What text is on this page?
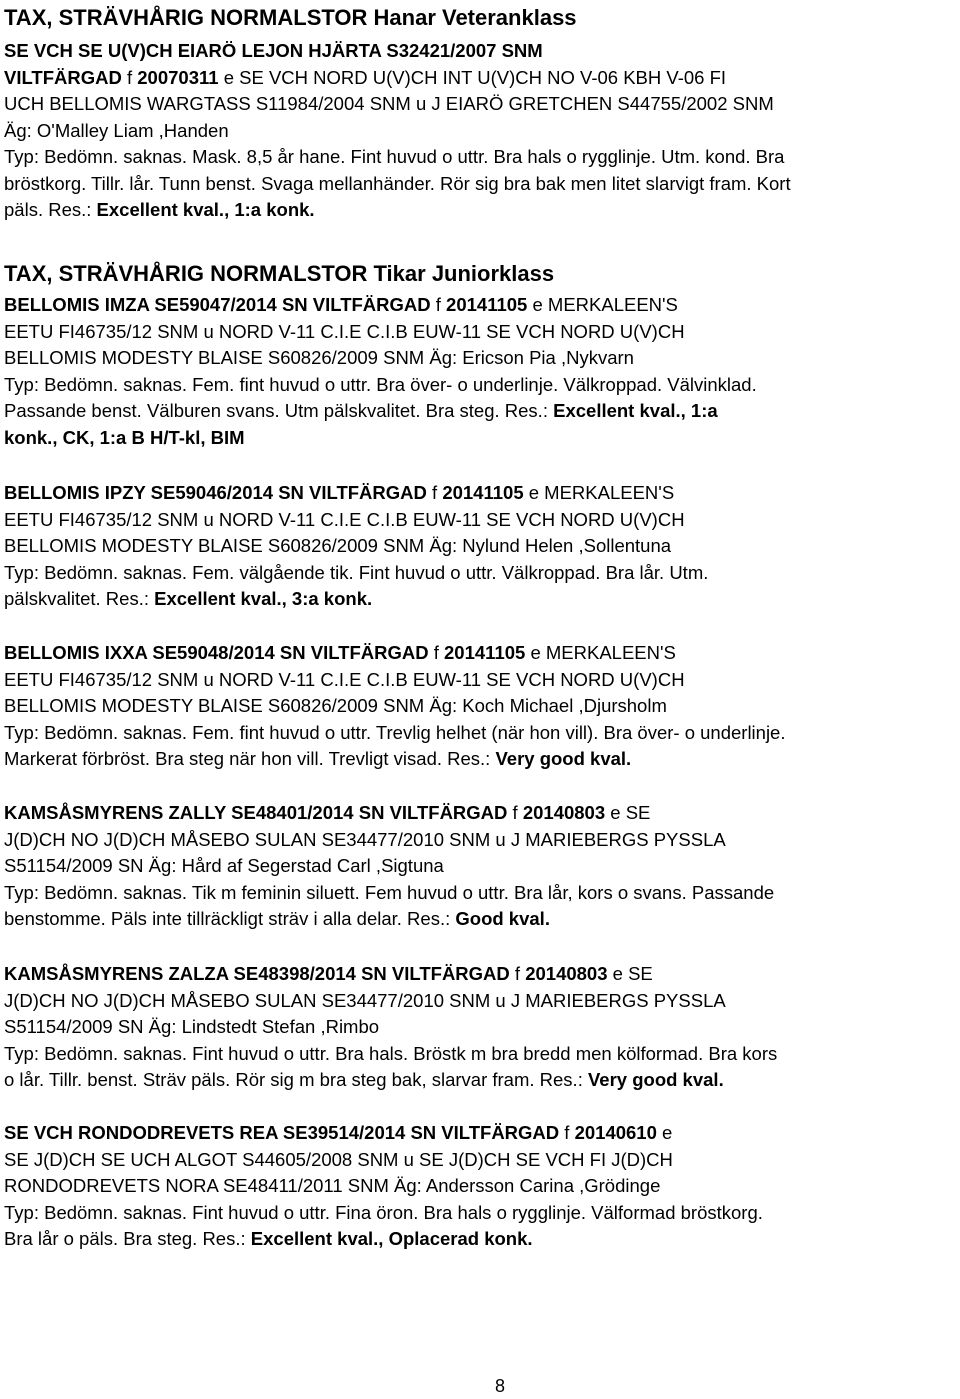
TAX, STRÄVHÅRIG NORMALSTOR Hanar Veteranklass
SE VCH SE U(V)CH EIARÖ LEJON HJÄRTA S32421/2007 SNM
VILTFÄRGAD f 20070311 e SE VCH NORD U(V)CH INT U(V)CH NO V-06 KBH V-06 FI
UCH BELLOMIS WARGTASS S11984/2004 SNM u J EIARÖ GRETCHEN S44755/2002 SNM
Äg: O'Malley Liam ,Handen
Typ: Bedömn. saknas. Mask. 8,5 år hane. Fint huvud o uttr. Bra hals o rygglinje. Utm. kond. Bra
bröstkorg. Tillr. lår. Tunn benst. Svaga mellanhänder. Rör sig bra bak men litet slarvigt fram. Kort
päls. Res.: Excellent kval., 1:a konk.
TAX, STRÄVHÅRIG NORMALSTOR Tikar Juniorklass
BELLOMIS IMZA SE59047/2014 SN VILTFÄRGAD f 20141105 e MERKALEEN'S
EETU FI46735/12 SNM u NORD V-11 C.I.E C.I.B EUW-11 SE VCH NORD U(V)CH
BELLOMIS MODESTY BLAISE S60826/2009 SNM Äg: Ericson Pia ,Nykvarn
Typ: Bedömn. saknas. Fem. fint huvud o uttr. Bra över- o underlinje. Välkroppad. Välvinklad.
Passande benst. Välburen svans. Utm pälskvalitet. Bra steg. Res.: Excellent kval., 1:a
konk., CK, 1:a B H/T-kl, BIM
BELLOMIS IPZY SE59046/2014 SN VILTFÄRGAD f 20141105 e MERKALEEN'S
EETU FI46735/12 SNM u NORD V-11 C.I.E C.I.B EUW-11 SE VCH NORD U(V)CH
BELLOMIS MODESTY BLAISE S60826/2009 SNM Äg: Nylund Helen ,Sollentuna
Typ: Bedömn. saknas. Fem. välgående tik. Fint huvud o uttr. Välkroppad. Bra lår. Utm.
pälskvalitet. Res.: Excellent kval., 3:a konk.
BELLOMIS IXXA SE59048/2014 SN VILTFÄRGAD f 20141105 e MERKALEEN'S
EETU FI46735/12 SNM u NORD V-11 C.I.E C.I.B EUW-11 SE VCH NORD U(V)CH
BELLOMIS MODESTY BLAISE S60826/2009 SNM Äg: Koch Michael ,Djursholm
Typ: Bedömn. saknas. Fem. fint huvud o uttr. Trevlig helhet (när hon vill). Bra över- o underlinje.
Markerat förbröst. Bra steg när hon vill. Trevligt visad. Res.: Very good kval.
KAMSÅSMYRENS ZALLY SE48401/2014 SN VILTFÄRGAD f 20140803 e SE
J(D)CH NO J(D)CH MÅSEBO SULAN SE34477/2010 SNM u J MARIEBERGS PYSSLA
S51154/2009 SN Äg: Hård af Segerstad Carl ,Sigtuna
Typ: Bedömn. saknas. Tik m feminin siluett. Fem huvud o uttr. Bra lår, kors o svans. Passande
benstomme. Päls inte tillräckligt sträv i alla delar. Res.: Good kval.
KAMSÅSMYRENS ZALZA SE48398/2014 SN VILTFÄRGAD f 20140803 e SE
J(D)CH NO J(D)CH MÅSEBO SULAN SE34477/2010 SNM u J MARIEBERGS PYSSLA
S51154/2009 SN Äg: Lindstedt Stefan ,Rimbo
Typ: Bedömn. saknas. Fint huvud o uttr. Bra hals. Bröstk m bra bredd men kölformad. Bra kors
o lår. Tillr. benst. Sträv päls. Rör sig m bra steg bak, slarvar fram. Res.: Very good kval.
SE VCH RONDODREVETS REA SE39514/2014 SN VILTFÄRGAD f 20140610 e
SE J(D)CH SE UCH ALGOT S44605/2008 SNM u SE J(D)CH SE VCH FI J(D)CH
RONDODREVETS NORA SE48411/2011 SNM Äg: Andersson Carina ,Grödinge
Typ: Bedömn. saknas. Fint huvud o uttr. Fina öron. Bra hals o rygglinje. Välformad bröstkorg.
Bra lår o päls. Bra steg. Res.: Excellent kval., Oplacerad konk.
8
